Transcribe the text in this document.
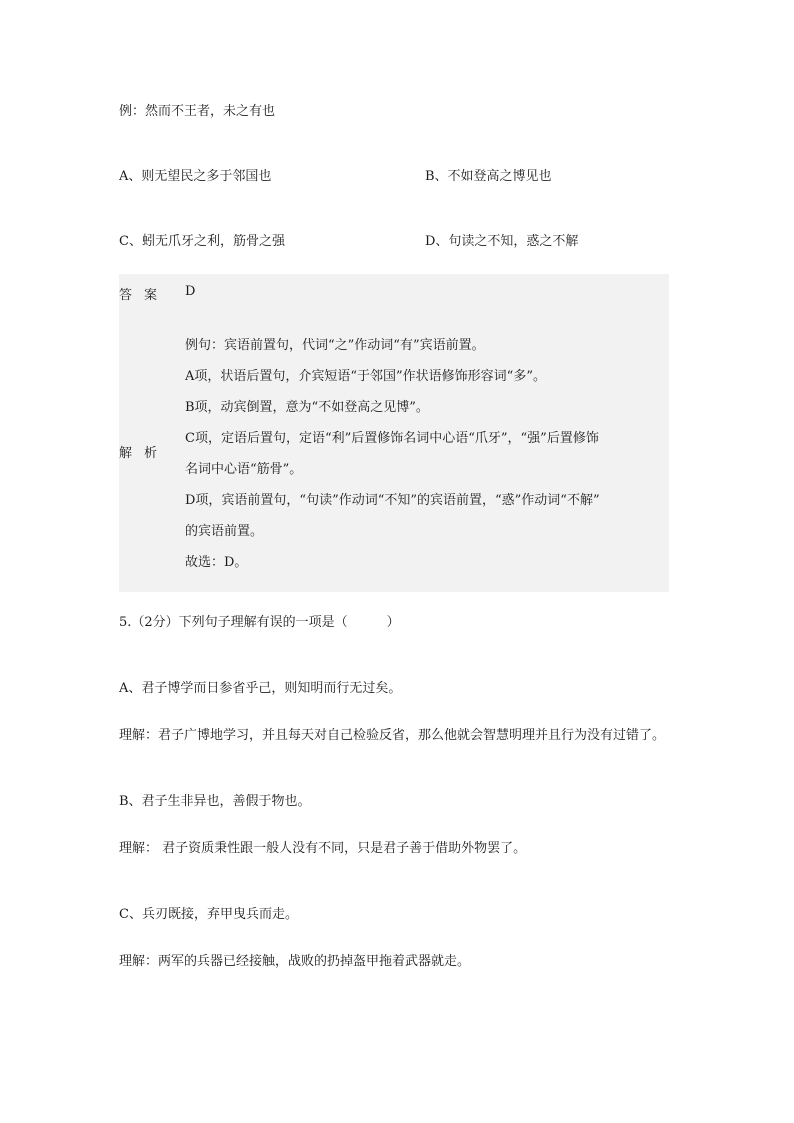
例：然而不王者，未之有也
A、则无望民之多于邻国也	B、不如登高之博见也
C、蚓无爪牙之利，筋骨之强	D、句读之不知，惑之不解
答案 D
解析

例句：宾语前置句，代词“之”作动词“有”宾语前置。

A项，状语后置句，介宾短语“于邻国”作状语修饰形容词“多”。

B项，动宾倒置，意为“不如登高之见博”。

C项，定语后置句，定语“利”后置修饰名词中心语“爪牙”，“强”后置修饰

名词中心语“筋骨”。

D项，宾语前置句，“句读”作动词“不知”的宾语前置，“惑”作动词“不解”

的宾语前置。

故选：D。

5.（2分）下列句子理解有误的一项是（　　　）
A、君子博学而日参省乎己，则知明而行无过矣。
理解：君子广博地学习，并且每天对自己检验反省，那么他就会智慧明理并且行为没有过错了。
B、君子生非异也，善假于物也。
理解： 君子资质秉性跟一般人没有不同，只是君子善于借助外物罢了。
C、兵刃既接，弃甲曳兵而走。
理解：两军的兵器已经接触，战败的扔掉盔甲拖着武器就走。
